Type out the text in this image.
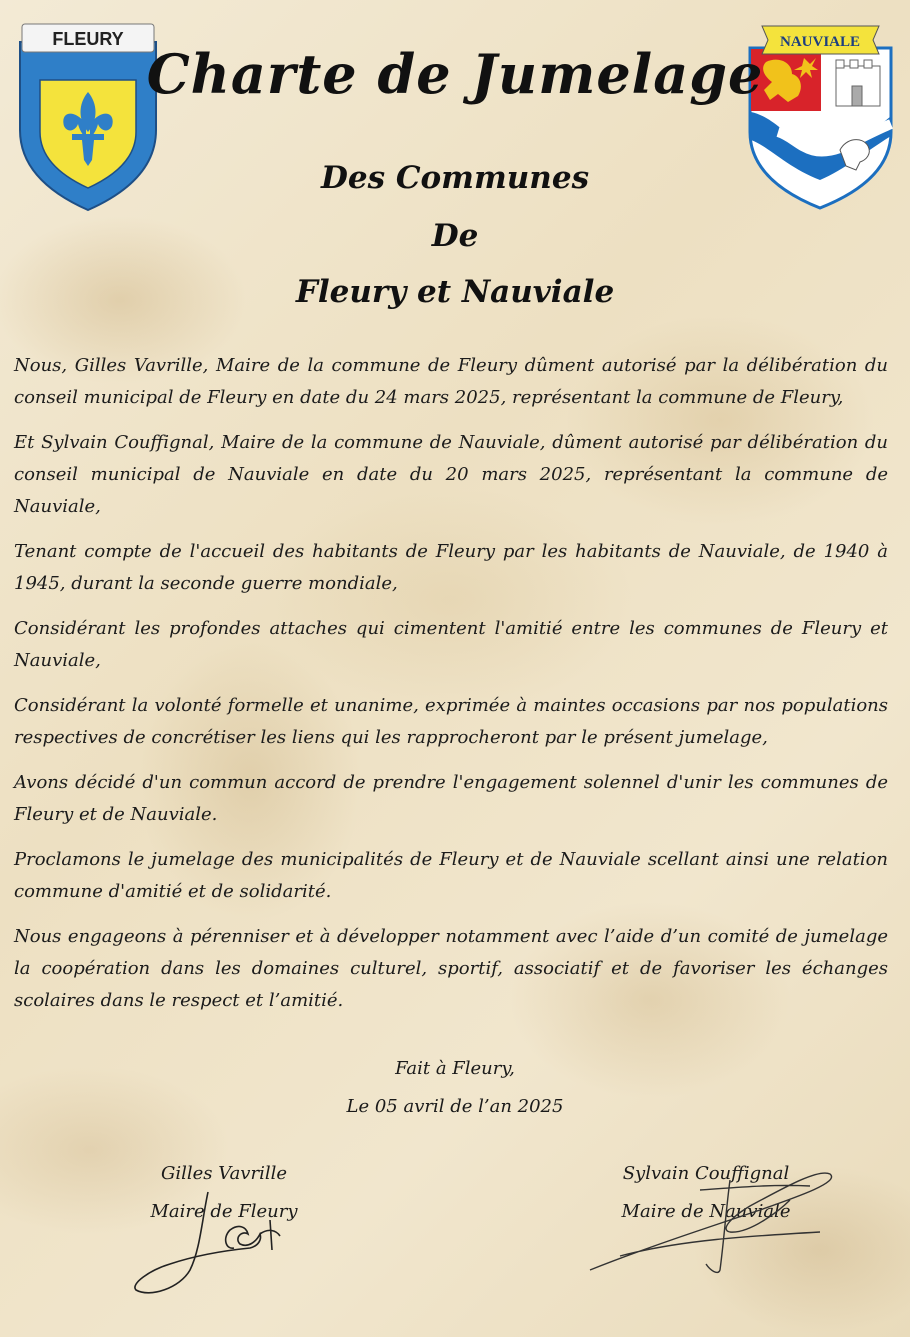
FLEURY	NAUVIALE
Charte de Jumelage
Des Communes
De
Fleury et Nauviale

Nous, Gilles Vavrille, Maire de la commune de Fleury dûment autorisé par la délibération du conseil municipal de Fleury en date du 24 mars 2025, représentant la commune de Fleury,

Et Sylvain Couffignal, Maire de la commune de Nauviale, dûment autorisé par délibération du conseil municipal de Nauviale en date du 20 mars 2025, représentant la commune de Nauviale,

Tenant compte de l'accueil des habitants de Fleury par les habitants de Nauviale, de 1940 à 1945, durant la seconde guerre mondiale,

Considérant les profondes attaches qui cimentent l'amitié entre les communes de Fleury et Nauviale,

Considérant la volonté formelle et unanime, exprimée à maintes occasions par nos populations respectives de concrétiser les liens qui les rapprocheront par le présent jumelage,

Avons décidé d'un commun accord de prendre l'engagement solennel d'unir les communes de Fleury et de Nauviale.

Proclamons le jumelage des municipalités de Fleury et de Nauviale scellant ainsi une relation commune d'amitié et de solidarité.

Nous engageons à pérenniser et à développer notamment avec l’aide d’un comité de jumelage la coopération dans les domaines culturel, sportif, associatif et de favoriser les échanges scolaires dans le respect et l’amitié.

Fait à Fleury,
Le 05 avril de l’an 2025
Gilles Vavrille
Maire de Fleury
Sylvain Couffignal
Maire de Nauviale
